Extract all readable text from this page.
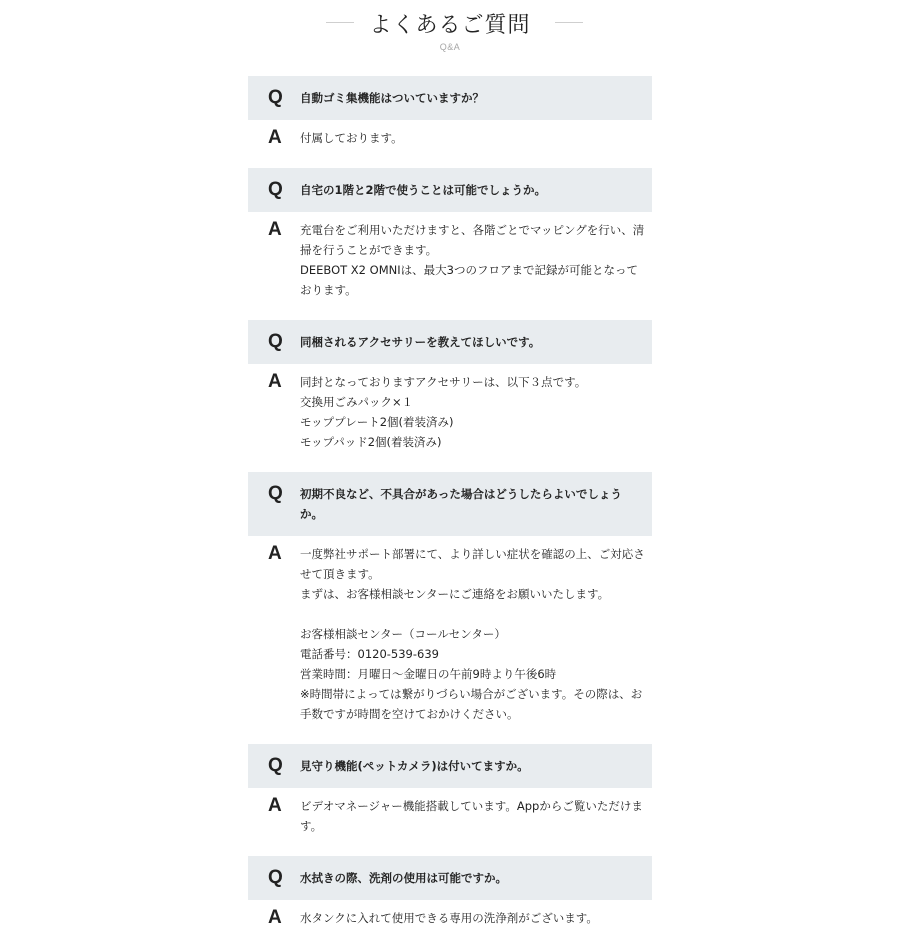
よくあるご質問
Q&A
Q 自動ゴミ集機能はついていますか？
A 付属しております。
Q 自宅の1階と2階で使うことは可能でしょうか。
A 充電台をご利用いただけますと、各階ごとでマッピングを行い、清掃を行うことができます。
DEEBOT X2 OMNIは、最大3つのフロアまで記録が可能となっております。
Q 同梱されるアクセサリーを教えてほしいです。
A 同封となっておりますアクセサリーは、以下３点です。
交換用ごみパック×１
モッププレート2個(着装済み)
モップパッド2個(着装済み)
Q 初期不良など、不具合があった場合はどうしたらよいでしょうか。
A 一度弊社サポート部署にて、より詳しい症状を確認の上、ご対応させて頂きます。
まずは、お客様相談センターにご連絡をお願いいたします。
お客様相談センター（コールセンター）
電話番号：0120-539-639
営業時間：月曜日〜金曜日の午前9時より午後6時
※時間帯によっては繋がりづらい場合がございます。その際は、お手数ですが時間を空けておかけください。
Q 見守り機能(ペットカメラ)は付いてますか。
A ビデオマネージャー機能搭載しています。Appからご覧いただけます。
Q 水拭きの際、洗剤の使用は可能ですか。
A 水タンクに入れて使用できる専用の洗浄剤がございます。
